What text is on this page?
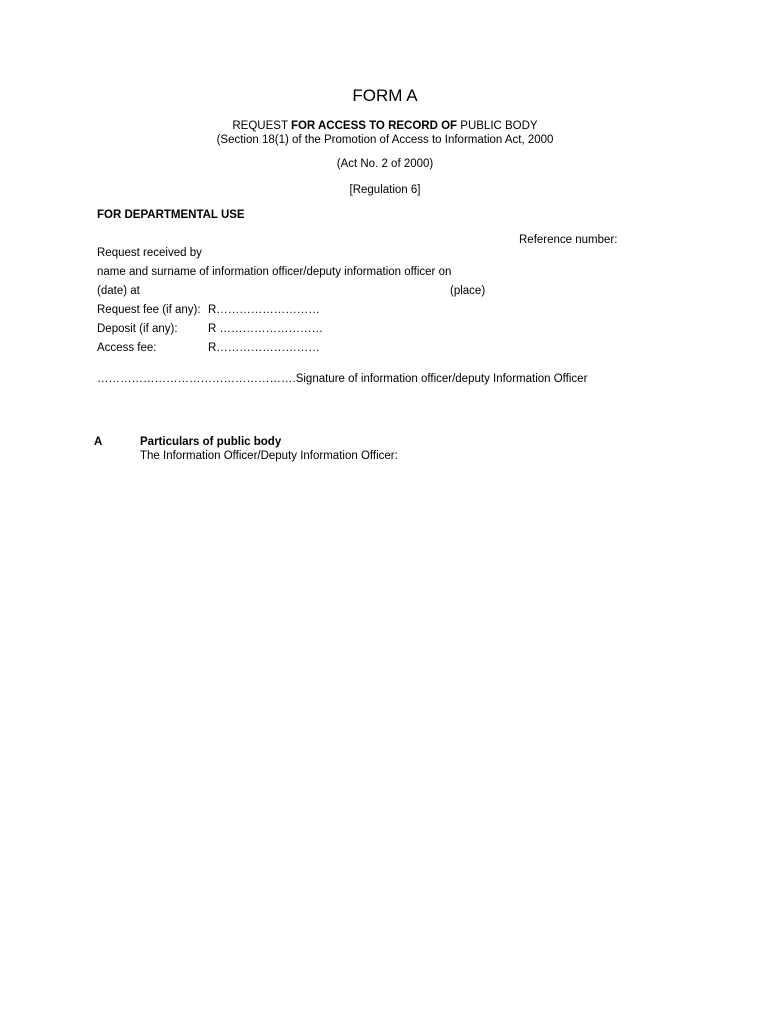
FORM A
REQUEST FOR ACCESS TO RECORD OF PUBLIC BODY
(Section 18(1) of the Promotion of Access to Information Act, 2000
(Act No. 2 of 2000)
[Regulation 6]
FOR DEPARTMENTAL USE
Reference number:
Request received by
name and surname of information officer/deputy information officer on
(date) at	(place)
Request fee (if any): R………………………
Deposit (if any):	R ………………………
Access fee:	R………………………
…………………………………………….Signature of information officer/deputy Information Officer
A	Particulars of public body
The Information Officer/Deputy Information Officer:
